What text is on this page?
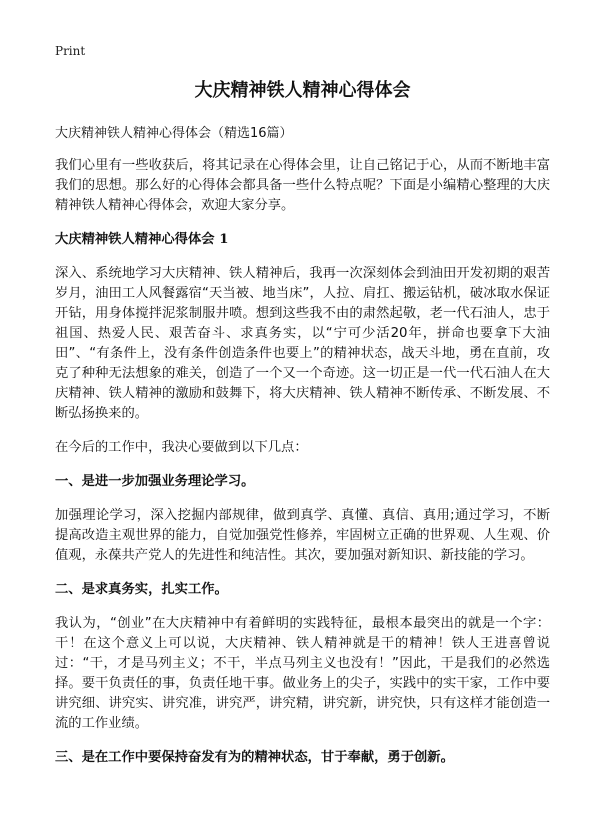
Print
大庆精神铁人精神心得体会
大庆精神铁人精神心得体会（精选16篇）

我们心里有一些收获后，将其记录在心得体会里，让自己铭记于心，从而不断地丰富我们的思想。那么好的心得体会都具备一些什么特点呢？下面是小编精心整理的大庆精神铁人精神心得体会，欢迎大家分享。

大庆精神铁人精神心得体会 1

深入、系统地学习大庆精神、铁人精神后，我再一次深刻体会到油田开发初期的艰苦岁月，油田工人风餐露宿“天当被、地当床”，人拉、肩扛、搬运钻机，破冰取水保证开钻，用身体搅拌泥浆制服井喷。想到这些我不由的肃然起敬，老一代石油人，忠于祖国、热爱人民、艰苦奋斗、求真务实，以“宁可少活20年，拼命也要拿下大油田”、“有条件上，没有条件创造条件也要上”的精神状态，战天斗地，勇在直前，攻克了种种无法想象的难关，创造了一个又一个奇迹。这一切正是一代一代石油人在大庆精神、铁人精神的激励和鼓舞下，将大庆精神、铁人精神不断传承、不断发展、不断弘扬换来的。

在今后的工作中，我决心要做到以下几点：

一、是进一步加强业务理论学习。

加强理论学习，深入挖掘内部规律，做到真学、真懂、真信、真用;通过学习，不断提高改造主观世界的能力，自觉加强党性修养，牢固树立正确的世界观、人生观、价值观，永葆共产党人的先进性和纯洁性。其次，要加强对新知识、新技能的学习。

二、是求真务实，扎实工作。

我认为，“创业”在大庆精神中有着鲜明的实践特征，最根本最突出的就是一个字：干！在这个意义上可以说，大庆精神、铁人精神就是干的精神！铁人王进喜曾说过：“干，才是马列主义；不干，半点马列主义也没有！”因此，干是我们的必然选择。要干负责任的事，负责任地干事。做业务上的尖子，实践中的实干家，工作中要讲究细、讲究实、讲究准，讲究严，讲究精，讲究新，讲究快，只有这样才能创造一流的工作业绩。

三、是在工作中要保持奋发有为的精神状态，甘于奉献，勇于创新。
